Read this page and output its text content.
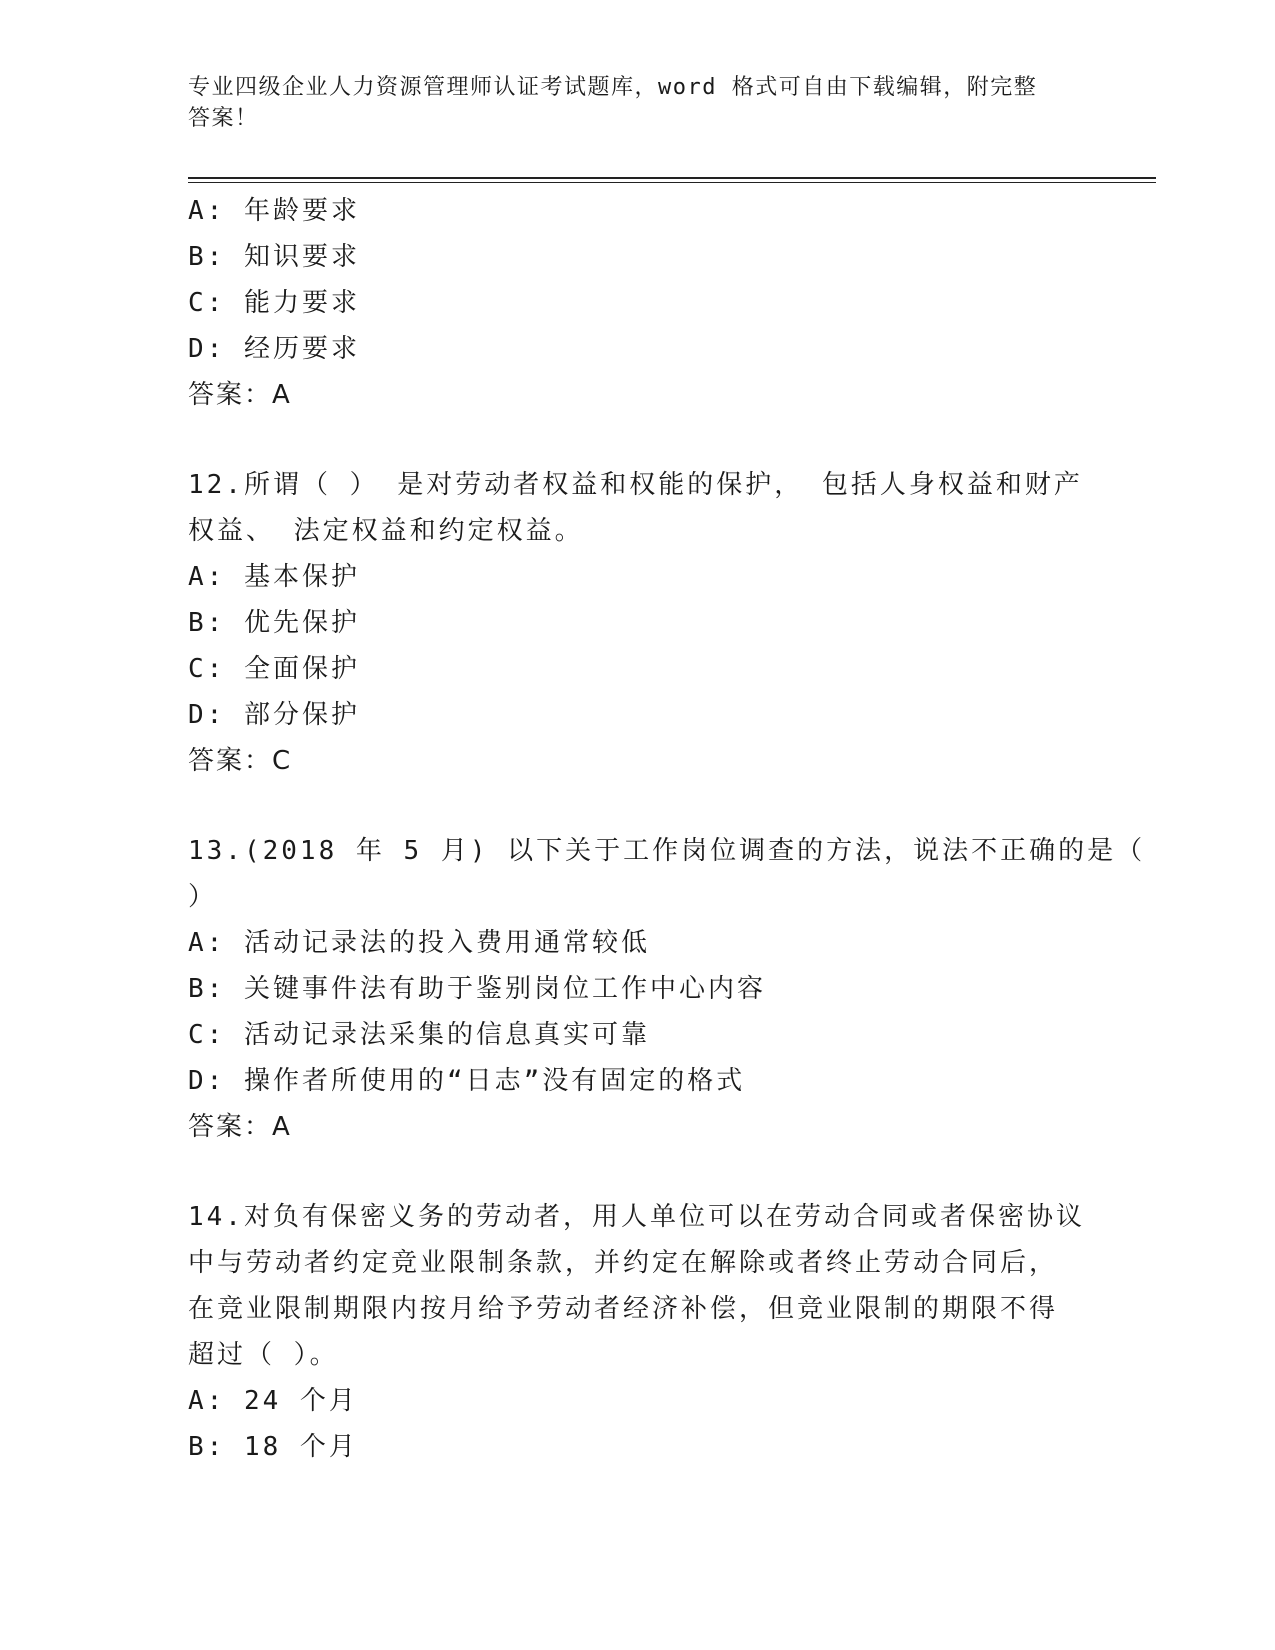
专业四级企业人力资源管理师认证考试题库，word 格式可自由下载编辑，附完整
答案！
A: 年龄要求
B: 知识要求
C: 能力要求
D: 经历要求
答案：A
12.所谓（ ） 是对劳动者权益和权能的保护， 包括人身权益和财产
权益、 法定权益和约定权益。
A: 基本保护
B: 优先保护
C: 全面保护
D: 部分保护
答案：C
13.(2018 年 5 月) 以下关于工作岗位调查的方法，说法不正确的是（
）
A: 活动记录法的投入费用通常较低
B: 关键事件法有助于鉴别岗位工作中心内容
C: 活动记录法采集的信息真实可靠
D: 操作者所使用的“日志”没有固定的格式
答案：A
14.对负有保密义务的劳动者，用人单位可以在劳动合同或者保密协议
中与劳动者约定竞业限制条款，并约定在解除或者终止劳动合同后，
在竞业限制期限内按月给予劳动者经济补偿，但竞业限制的期限不得
超过（ ）。
A: 24 个月
B: 18 个月
